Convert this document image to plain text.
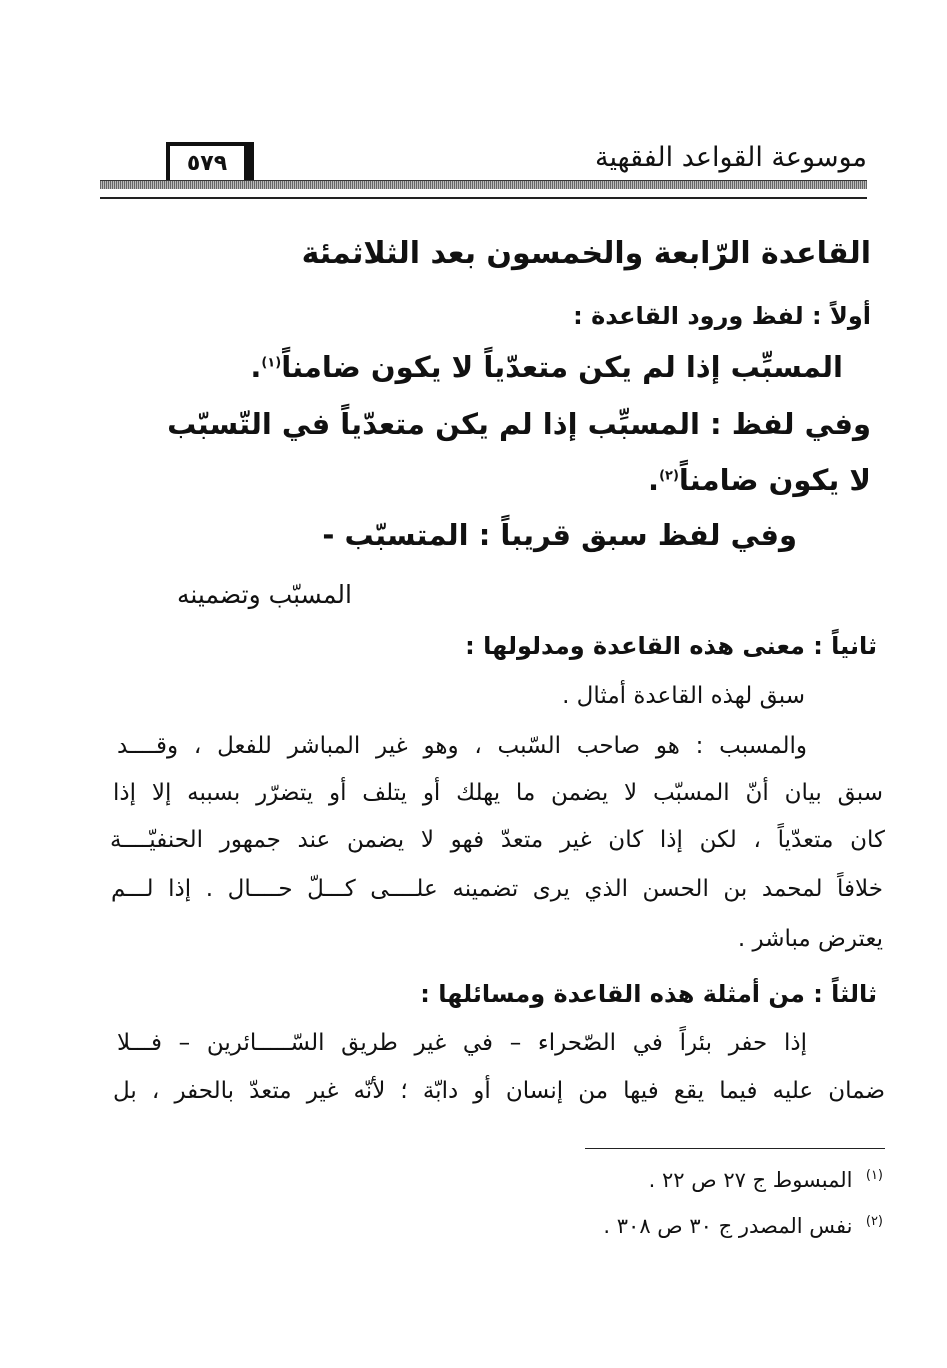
موسوعة القواعد الفقهية
٥٧٩
القاعدة الرّابعة والخمسون بعد الثلاثمئة
أولاً : لفظ ورود القاعدة :
المسبِّب إذا لم يكن متعدّياً لا يكون ضامناً$^{(١)}$.
وفي لفظ : المسبِّب إذا لم يكن متعدّياً في التّسبّب
لا يكون ضامناً$^{(٢)}$.
وفي لفظ سبق قريباً : المتسبّب -
المسبّب وتضمينه
ثانياً : معنى هذه القاعدة ومدلولها :
سبق لهذه القاعدة أمثال .
والمسبب : هو صاحب السّبب ، وهو غير المباشر للفعل ، وقــــد
سبق بيان أنّ المسبّب لا يضمن ما يهلك أو يتلف أو يتضرّر بسببه إلا إذا
كان متعدّياً ، لكن إذا كان غير متعدّ فهو لا يضمن عند جمهور الحنفيّــــة
خلافاً لمحمد بن الحسن الذي يرى تضمينه علــــى كـــلّ حــــال . إذا لـــم
يعترض مباشر .
ثالثاً : من أمثلة هذه القاعدة ومسائلها :
إذا حفر بئراً في الصّحراء – في غير طريق السّـــــائرين – فـــلا
ضمان عليه فيما يقع فيها من إنسان أو دابّة ؛ لأنّه غير متعدّ بالحفر ، بل
$^{(١)}$  المبسوط ج ٢٧ ص ٢٢ .
$^{(٢)}$  نفس المصدر ج ٣٠ ص ٣٠٨ .
